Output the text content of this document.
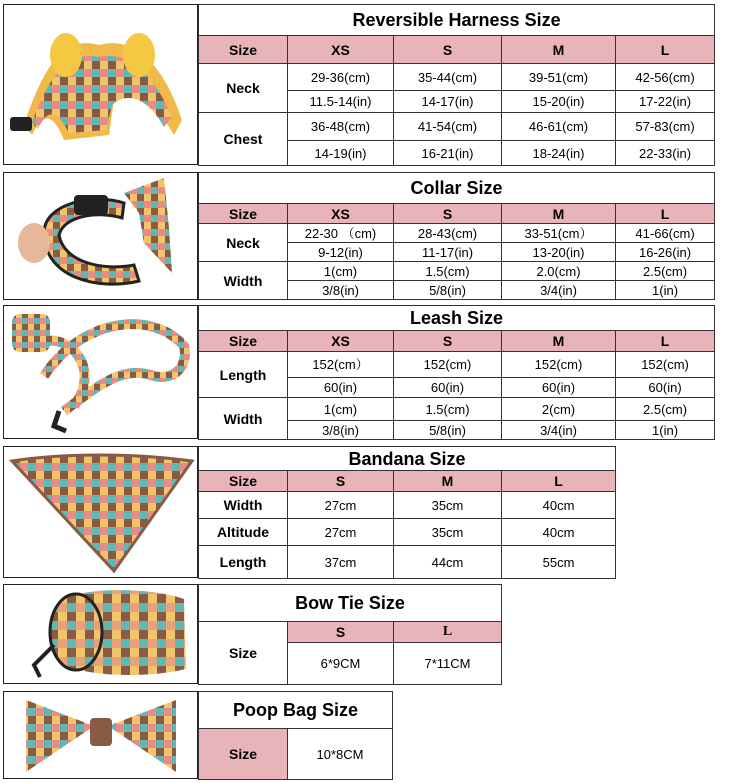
Reversible Harness Size				
Size	XS	S	M	L
Neck	29-36(cm)	35-44(cm)	39-51(cm)	42-56(cm)
	11.5-14(in)	14-17(in)	15-20(in)	17-22(in)
Chest	36-48(cm)	41-54(cm)	46-61(cm)	57-83(cm)
	14-19(in)	16-21(in)	18-24(in)	22-33(in)
Collar Size				
Size	XS	S	M	L
Neck	22-30 （cm)	28-43(cm)	33-51(cm）	41-66(cm)
	9-12(in)	11-17(in)	13-20(in)	16-26(in)
Width	1(cm)	1.5(cm)	2.0(cm)	2.5(cm)
	3/8(in)	5/8(in)	3/4(in)	1(in)
Leash Size				
Size	XS	S	M	L
Length	152(cm）	152(cm)	152(cm)	152(cm)
	60(in)	60(in)	60(in)	60(in)
Width	1(cm)	1.5(cm)	2(cm)	2.5(cm)
	3/8(in)	5/8(in)	3/4(in)	1(in)
Bandana Size			
Size	S	M	L
Width	27cm	35cm	40cm
Altitude	27cm	35cm	40cm
Length	37cm	44cm	55cm
Bow Tie Size		
Size	S	L
	6*9CM	7*11CM
Poop Bag Size
Size	10*8CM
